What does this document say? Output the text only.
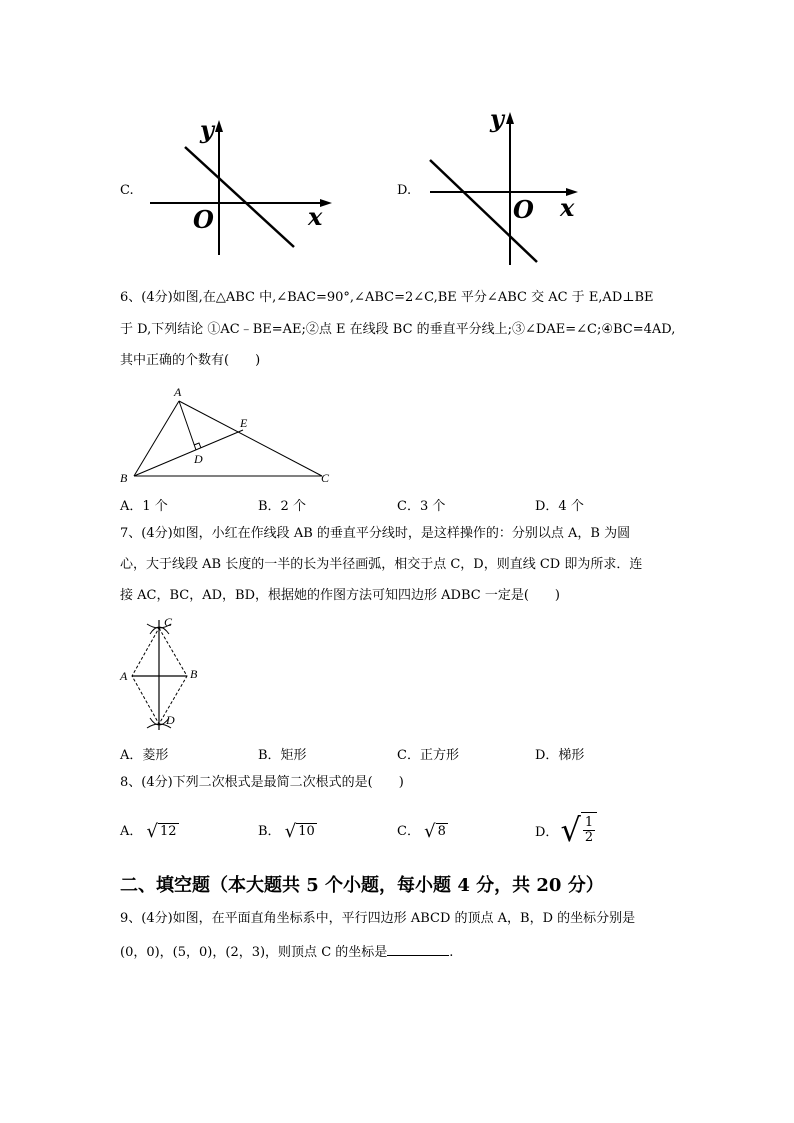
C.
y
O	x
D.
y
O x
6、(4分)如图,在△ABC 中,∠BAC=90°,∠ABC=2∠C,BE 平分∠ABC 交 AC 于 E,AD⊥BE
于 D,下列结论 ①AC﹣BE=AE;②点 E 在线段 BC 的垂直平分线上;③∠DAE=∠C;④BC=4AD,
其中正确的个数有(　　)
A
B	C
D
E
A．1 个	B．2 个	C．3 个	D．4 个
7、(4分)如图，小红在作线段 AB 的垂直平分线时，是这样操作的：分别以点 A，B 为圆
心，大于线段 AB 长度的一半的长为半径画弧，相交于点 C，D，则直线 CD 即为所求．连
接 AC，BC，AD，BD，根据她的作图方法可知四边形 ADBC 一定是(　　)
C
A	B
D
A．菱形	B．矩形	C．正方形	D．梯形
8、(4分)下列二次根式是最简二次根式的是(　　)
A． √ 12	B． √ 10	C． √ 8	D． √ $\frac{1}{2}$
二、填空题（本大题共 5 个小题，每小题 4 分，共 20 分）
9、(4分)如图，在平面直角坐标系中，平行四边形 ABCD 的顶点 A，B，D 的坐标分别是
(0，0)，(5，0)，(2，3)，则顶点 C 的坐标是	.
